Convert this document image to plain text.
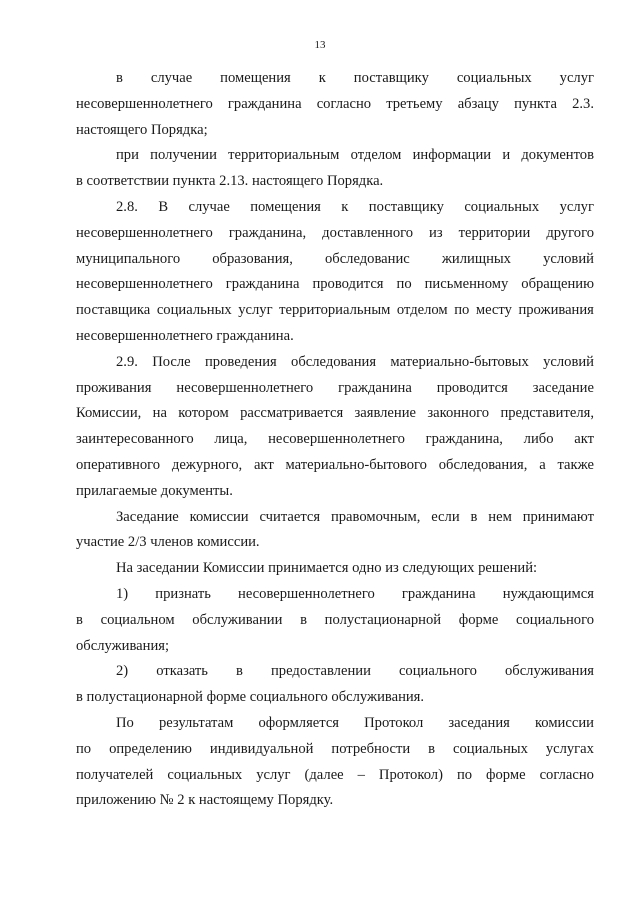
13
в случае помещения к поставщику социальных услуг
несовершеннолетнего гражданина согласно третьему абзацу пункта 2.3.
настоящего Порядка;
при получении территориальным отделом информации и документов
в соответствии пункта 2.13. настоящего Порядка.
2.8. В случае помещения к поставщику социальных услуг
несовершеннолетнего гражданина, доставленного из территории другого
муниципального образования, обследованис жилищных условий
несовершеннолетнего гражданина проводится по письменному обращению
поставщика социальных услуг территориальным отделом по месту проживания
несовершеннолетнего гражданина.
2.9. После проведения обследования материально-бытовых условий
проживания несовершеннолетнего гражданина проводится заседание
Комиссии, на котором рассматривается заявление законного представителя,
заинтересованного лица, несовершеннолетнего гражданина, либо акт
оперативного дежурного, акт материально-бытового обследования, а также
прилагаемые документы.
Заседание комиссии считается правомочным, если в нем принимают
участие 2/3 членов комиссии.
На заседании Комиссии принимается одно из следующих решений:
1) признать несовершеннолетнего гражданина нуждающимся
в социальном обслуживании в полустационарной форме социального
обслуживания;
2) отказать в предоставлении социального обслуживания
в полустационарной форме социального обслуживания.
По результатам оформляется Протокол заседания комиссии
по определению индивидуальной потребности в социальных услугах
получателей социальных услуг (далее – Протокол) по форме согласно
приложению № 2 к настоящему Порядку.
